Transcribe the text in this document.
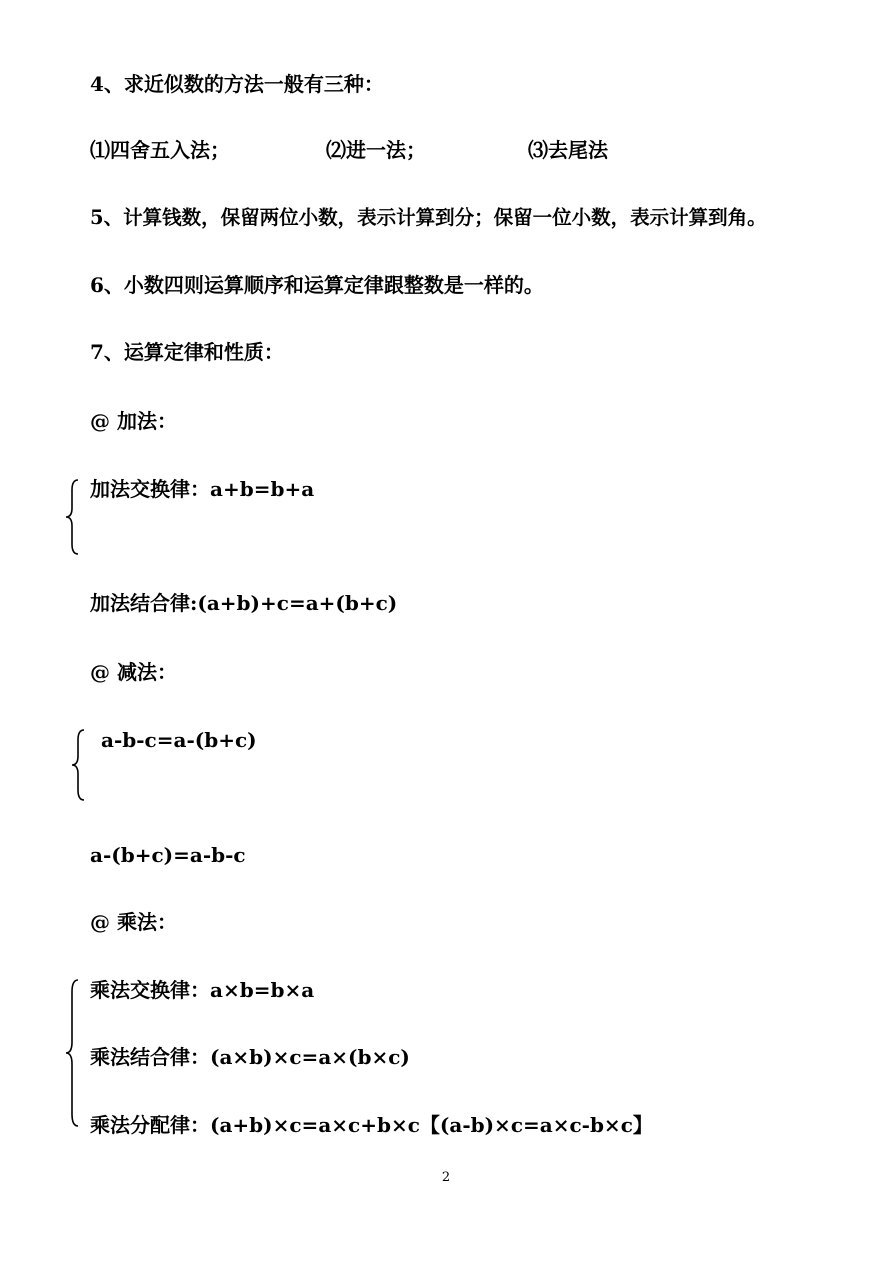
4、求近似数的方法一般有三种：
⑴四舍五入法；	⑵进一法；	⑶去尾法
5、计算钱数，保留两位小数，表示计算到分；保留一位小数，表示计算到角。
6、小数四则运算顺序和运算定律跟整数是一样的。
7、运算定律和性质：
@ 加法：
加法交换律：a+b=b+a
加法结合律:(a+b)+c=a+(b+c)
@ 减法：
a-b-c=a-(b+c)
a-(b+c)=a-b-c
@ 乘法：
乘法交换律：a×b=b×a
乘法结合律：(a×b)×c=a×(b×c)
乘法分配律：(a+b)×c=a×c+b×c【(a-b)×c=a×c-b×c】
2
